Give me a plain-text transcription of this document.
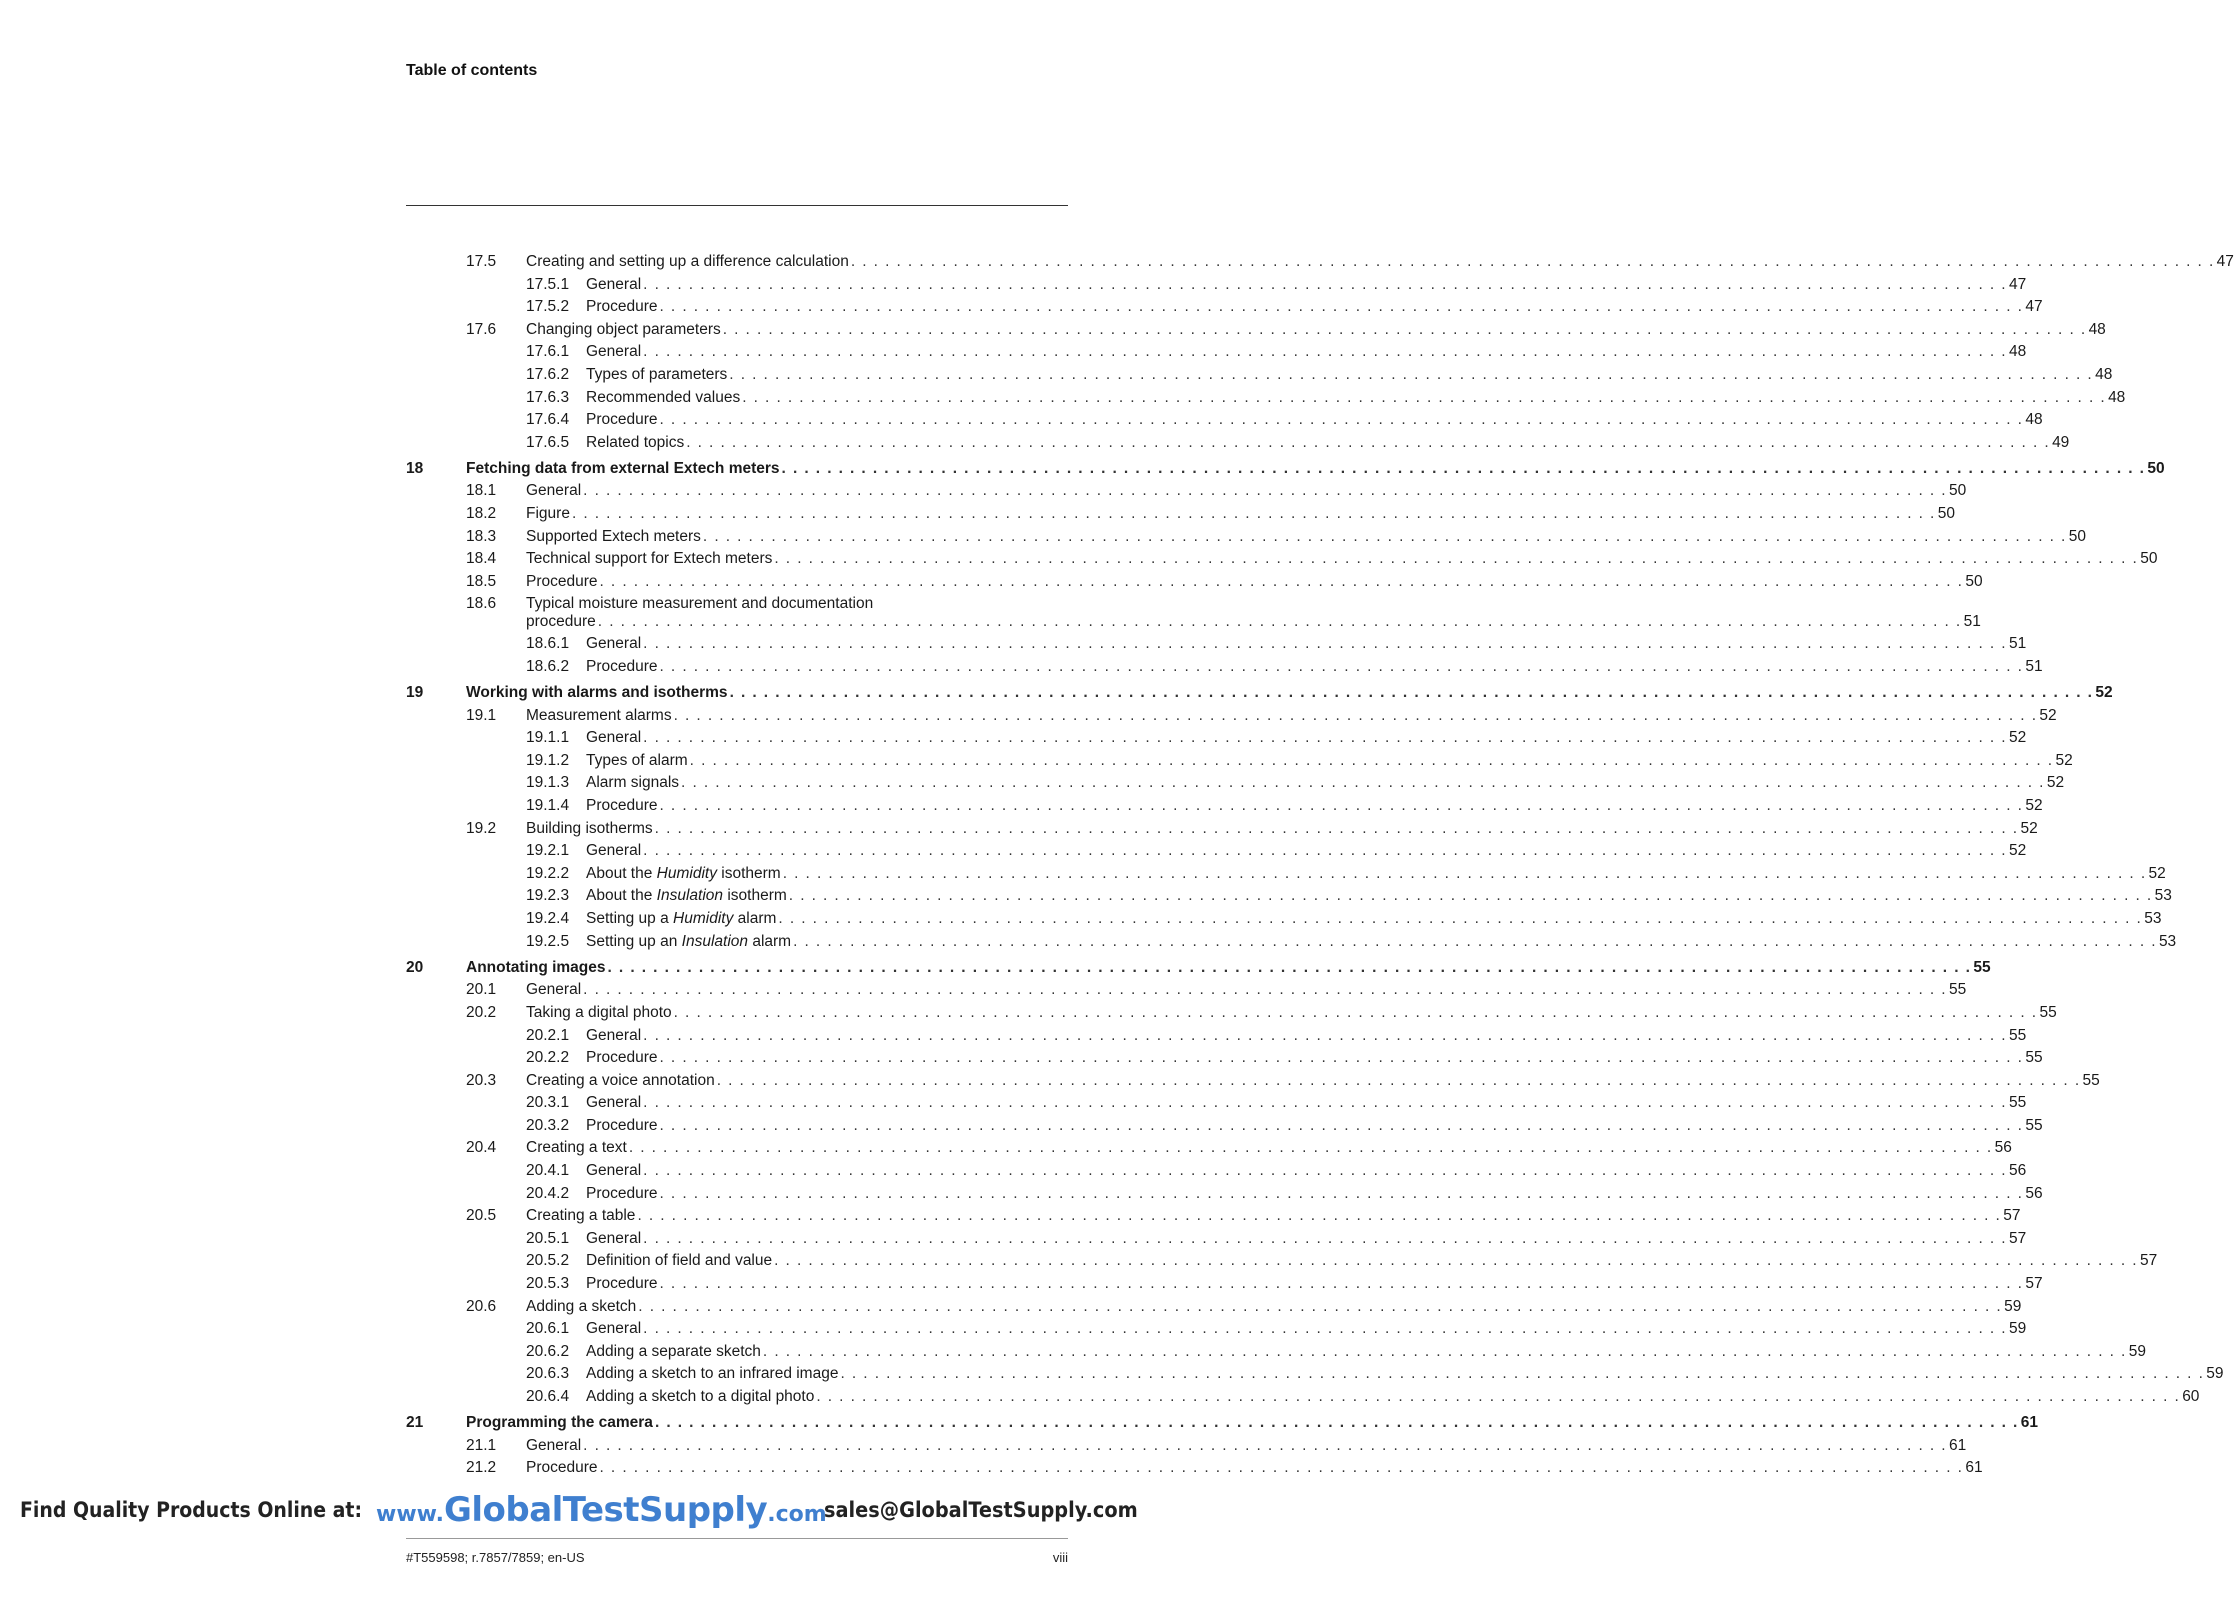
Table of contents
17.5 Creating and setting up a difference calculation . . . . . . . . . . . . . . . . . . . . . . . . . . . . . . . . . . . . . . . . . . . . . . . . . . . . . . . . . . . . . . . . . . . . . . . . . . . . . . . . . . . . . . . . . . . . . . . . . . . . . . . . . . . . . . . . . . . . . . . . 47
17.5.1 General . . . . . . . . . . . . . . . . . . . . . . . . . . . . . . . . . . . . . . . . . . . . . . . . . . . . . . . . . . . . . . . . . . . . . . . . . . . . . . . . . . . . . . . . . . . . . . . . . . . . . . . . . . . . . . . . . . . . . . . . 47
17.5.2 Procedure . . . . . . . . . . . . . . . . . . . . . . . . . . . . . . . . . . . . . . . . . . . . . . . . . . . . . . . . . . . . . . . . . . . . . . . . . . . . . . . . . . . . . . . . . . . . . . . . . . . . . . . . . . . . . . . . . . . . . . . . 47
17.6 Changing object parameters . . . . . . . . . . . . . . . . . . . . . . . . . . . . . . . . . . . . . . . . . . . . . . . . . . . . . . . . . . . . . . . . . . . . . . . . . . . . . . . . . . . . . . . . . . . . . . . . . . . . . . . . . . . . . . . . . . . . . . . . 48
17.6.1 General . . . . . . . . . . . . . . . . . . . . . . . . . . . . . . . . . . . . . . . . . . . . . . . . . . . . . . . . . . . . . . . . . . . . . . . . . . . . . . . . . . . . . . . . . . . . . . . . . . . . . . . . . . . . . . . . . . . . . . . . 48
17.6.2 Types of parameters . . . . . . . . . . . . . . . . . . . . . . . . . . . . . . . . . . . . . . . . . . . . . . . . . . . . . . . . . . . . . . . . . . . . . . . . . . . . . . . . . . . . . . . . . . . . . . . . . . . . . . . . . . . . . . . . . . . . . . . . 48
17.6.3 Recommended values . . . . . . . . . . . . . . . . . . . . . . . . . . . . . . . . . . . . . . . . . . . . . . . . . . . . . . . . . . . . . . . . . . . . . . . . . . . . . . . . . . . . . . . . . . . . . . . . . . . . . . . . . . . . . . . . . . . . . . . . 48
17.6.4 Procedure . . . . . . . . . . . . . . . . . . . . . . . . . . . . . . . . . . . . . . . . . . . . . . . . . . . . . . . . . . . . . . . . . . . . . . . . . . . . . . . . . . . . . . . . . . . . . . . . . . . . . . . . . . . . . . . . . . . . . . . . 48
17.6.5 Related topics . . . . . . . . . . . . . . . . . . . . . . . . . . . . . . . . . . . . . . . . . . . . . . . . . . . . . . . . . . . . . . . . . . . . . . . . . . . . . . . . . . . . . . . . . . . . . . . . . . . . . . . . . . . . . . . . . . . . . . . . 49
18	Fetching data from external Extech meters . . . . . . . . . . . . . . . . . . . . . . . . . . . . . . . . . . . . . . . . . . . . . . . . . . . . . . . . . . . . . . . . . . . . . . . . . . . . . . . . . . . . . . . . . . . . . . . . . . . . . . . . . . . . . . . . . . . . . . . . 50
18.1 General . . . . . . . . . . . . . . . . . . . . . . . . . . . . . . . . . . . . . . . . . . . . . . . . . . . . . . . . . . . . . . . . . . . . . . . . . . . . . . . . . . . . . . . . . . . . . . . . . . . . . . . . . . . . . . . . . . . . . . . . 50
18.2 Figure . . . . . . . . . . . . . . . . . . . . . . . . . . . . . . . . . . . . . . . . . . . . . . . . . . . . . . . . . . . . . . . . . . . . . . . . . . . . . . . . . . . . . . . . . . . . . . . . . . . . . . . . . . . . . . . . . . . . . . . . 50
18.3 Supported Extech meters . . . . . . . . . . . . . . . . . . . . . . . . . . . . . . . . . . . . . . . . . . . . . . . . . . . . . . . . . . . . . . . . . . . . . . . . . . . . . . . . . . . . . . . . . . . . . . . . . . . . . . . . . . . . . . . . . . . . . . . . 50
18.4 Technical support for Extech meters . . . . . . . . . . . . . . . . . . . . . . . . . . . . . . . . . . . . . . . . . . . . . . . . . . . . . . . . . . . . . . . . . . . . . . . . . . . . . . . . . . . . . . . . . . . . . . . . . . . . . . . . . . . . . . . . . . . . . . . . 50
18.5 Procedure . . . . . . . . . . . . . . . . . . . . . . . . . . . . . . . . . . . . . . . . . . . . . . . . . . . . . . . . . . . . . . . . . . . . . . . . . . . . . . . . . . . . . . . . . . . . . . . . . . . . . . . . . . . . . . . . . . . . . . . . 50
18.6 Typical moisture measurement and documentation
procedure . . . . . . . . . . . . . . . . . . . . . . . . . . . . . . . . . . . . . . . . . . . . . . . . . . . . . . . . . . . . . . . . . . . . . . . . . . . . . . . . . . . . . . . . . . . . . . . . . . . . . . . . . . . . . . . . . . . . . . . . 51
18.6.1 General . . . . . . . . . . . . . . . . . . . . . . . . . . . . . . . . . . . . . . . . . . . . . . . . . . . . . . . . . . . . . . . . . . . . . . . . . . . . . . . . . . . . . . . . . . . . . . . . . . . . . . . . . . . . . . . . . . . . . . . . 51
18.6.2 Procedure . . . . . . . . . . . . . . . . . . . . . . . . . . . . . . . . . . . . . . . . . . . . . . . . . . . . . . . . . . . . . . . . . . . . . . . . . . . . . . . . . . . . . . . . . . . . . . . . . . . . . . . . . . . . . . . . . . . . . . . . 51
19	Working with alarms and isotherms . . . . . . . . . . . . . . . . . . . . . . . . . . . . . . . . . . . . . . . . . . . . . . . . . . . . . . . . . . . . . . . . . . . . . . . . . . . . . . . . . . . . . . . . . . . . . . . . . . . . . . . . . . . . . . . . . . . . . . . . 52
19.1 Measurement alarms . . . . . . . . . . . . . . . . . . . . . . . . . . . . . . . . . . . . . . . . . . . . . . . . . . . . . . . . . . . . . . . . . . . . . . . . . . . . . . . . . . . . . . . . . . . . . . . . . . . . . . . . . . . . . . . . . . . . . . . . 52
19.1.1 General . . . . . . . . . . . . . . . . . . . . . . . . . . . . . . . . . . . . . . . . . . . . . . . . . . . . . . . . . . . . . . . . . . . . . . . . . . . . . . . . . . . . . . . . . . . . . . . . . . . . . . . . . . . . . . . . . . . . . . . . 52
19.1.2 Types of alarm . . . . . . . . . . . . . . . . . . . . . . . . . . . . . . . . . . . . . . . . . . . . . . . . . . . . . . . . . . . . . . . . . . . . . . . . . . . . . . . . . . . . . . . . . . . . . . . . . . . . . . . . . . . . . . . . . . . . . . . . 52
19.1.3 Alarm signals . . . . . . . . . . . . . . . . . . . . . . . . . . . . . . . . . . . . . . . . . . . . . . . . . . . . . . . . . . . . . . . . . . . . . . . . . . . . . . . . . . . . . . . . . . . . . . . . . . . . . . . . . . . . . . . . . . . . . . . . 52
19.1.4 Procedure . . . . . . . . . . . . . . . . . . . . . . . . . . . . . . . . . . . . . . . . . . . . . . . . . . . . . . . . . . . . . . . . . . . . . . . . . . . . . . . . . . . . . . . . . . . . . . . . . . . . . . . . . . . . . . . . . . . . . . . . 52
19.2 Building isotherms . . . . . . . . . . . . . . . . . . . . . . . . . . . . . . . . . . . . . . . . . . . . . . . . . . . . . . . . . . . . . . . . . . . . . . . . . . . . . . . . . . . . . . . . . . . . . . . . . . . . . . . . . . . . . . . . . . . . . . . . 52
19.2.1 General . . . . . . . . . . . . . . . . . . . . . . . . . . . . . . . . . . . . . . . . . . . . . . . . . . . . . . . . . . . . . . . . . . . . . . . . . . . . . . . . . . . . . . . . . . . . . . . . . . . . . . . . . . . . . . . . . . . . . . . . 52
19.2.2 About the Humidity isotherm . . . . . . . . . . . . . . . . . . . . . . . . . . . . . . . . . . . . . . . . . . . . . . . . . . . . . . . . . . . . . . . . . . . . . . . . . . . . . . . . . . . . . . . . . . . . . . . . . . . . . . . . . . . . . . . . . . . . . . . . 52
19.2.3 About the Insulation isotherm . . . . . . . . . . . . . . . . . . . . . . . . . . . . . . . . . . . . . . . . . . . . . . . . . . . . . . . . . . . . . . . . . . . . . . . . . . . . . . . . . . . . . . . . . . . . . . . . . . . . . . . . . . . . . . . . . . . . . . . . 53
19.2.4 Setting up a Humidity alarm . . . . . . . . . . . . . . . . . . . . . . . . . . . . . . . . . . . . . . . . . . . . . . . . . . . . . . . . . . . . . . . . . . . . . . . . . . . . . . . . . . . . . . . . . . . . . . . . . . . . . . . . . . . . . . . . . . . . . . . . 53
19.2.5 Setting up an Insulation alarm . . . . . . . . . . . . . . . . . . . . . . . . . . . . . . . . . . . . . . . . . . . . . . . . . . . . . . . . . . . . . . . . . . . . . . . . . . . . . . . . . . . . . . . . . . . . . . . . . . . . . . . . . . . . . . . . . . . . . . . . 53
20	Annotating images . . . . . . . . . . . . . . . . . . . . . . . . . . . . . . . . . . . . . . . . . . . . . . . . . . . . . . . . . . . . . . . . . . . . . . . . . . . . . . . . . . . . . . . . . . . . . . . . . . . . . . . . . . . . . . . . . . . . . . . . 55
20.1 General . . . . . . . . . . . . . . . . . . . . . . . . . . . . . . . . . . . . . . . . . . . . . . . . . . . . . . . . . . . . . . . . . . . . . . . . . . . . . . . . . . . . . . . . . . . . . . . . . . . . . . . . . . . . . . . . . . . . . . . . 55
20.2 Taking a digital photo . . . . . . . . . . . . . . . . . . . . . . . . . . . . . . . . . . . . . . . . . . . . . . . . . . . . . . . . . . . . . . . . . . . . . . . . . . . . . . . . . . . . . . . . . . . . . . . . . . . . . . . . . . . . . . . . . . . . . . . . 55
20.2.1 General . . . . . . . . . . . . . . . . . . . . . . . . . . . . . . . . . . . . . . . . . . . . . . . . . . . . . . . . . . . . . . . . . . . . . . . . . . . . . . . . . . . . . . . . . . . . . . . . . . . . . . . . . . . . . . . . . . . . . . . . 55
20.2.2 Procedure . . . . . . . . . . . . . . . . . . . . . . . . . . . . . . . . . . . . . . . . . . . . . . . . . . . . . . . . . . . . . . . . . . . . . . . . . . . . . . . . . . . . . . . . . . . . . . . . . . . . . . . . . . . . . . . . . . . . . . . . 55
20.3 Creating a voice annotation . . . . . . . . . . . . . . . . . . . . . . . . . . . . . . . . . . . . . . . . . . . . . . . . . . . . . . . . . . . . . . . . . . . . . . . . . . . . . . . . . . . . . . . . . . . . . . . . . . . . . . . . . . . . . . . . . . . . . . . . 55
20.3.1 General . . . . . . . . . . . . . . . . . . . . . . . . . . . . . . . . . . . . . . . . . . . . . . . . . . . . . . . . . . . . . . . . . . . . . . . . . . . . . . . . . . . . . . . . . . . . . . . . . . . . . . . . . . . . . . . . . . . . . . . . 55
20.3.2 Procedure . . . . . . . . . . . . . . . . . . . . . . . . . . . . . . . . . . . . . . . . . . . . . . . . . . . . . . . . . . . . . . . . . . . . . . . . . . . . . . . . . . . . . . . . . . . . . . . . . . . . . . . . . . . . . . . . . . . . . . . . 55
20.4 Creating a text . . . . . . . . . . . . . . . . . . . . . . . . . . . . . . . . . . . . . . . . . . . . . . . . . . . . . . . . . . . . . . . . . . . . . . . . . . . . . . . . . . . . . . . . . . . . . . . . . . . . . . . . . . . . . . . . . . . . . . . . 56
20.4.1 General . . . . . . . . . . . . . . . . . . . . . . . . . . . . . . . . . . . . . . . . . . . . . . . . . . . . . . . . . . . . . . . . . . . . . . . . . . . . . . . . . . . . . . . . . . . . . . . . . . . . . . . . . . . . . . . . . . . . . . . . 56
20.4.2 Procedure . . . . . . . . . . . . . . . . . . . . . . . . . . . . . . . . . . . . . . . . . . . . . . . . . . . . . . . . . . . . . . . . . . . . . . . . . . . . . . . . . . . . . . . . . . . . . . . . . . . . . . . . . . . . . . . . . . . . . . . . 56
20.5 Creating a table . . . . . . . . . . . . . . . . . . . . . . . . . . . . . . . . . . . . . . . . . . . . . . . . . . . . . . . . . . . . . . . . . . . . . . . . . . . . . . . . . . . . . . . . . . . . . . . . . . . . . . . . . . . . . . . . . . . . . . . . 57
20.5.1 General . . . . . . . . . . . . . . . . . . . . . . . . . . . . . . . . . . . . . . . . . . . . . . . . . . . . . . . . . . . . . . . . . . . . . . . . . . . . . . . . . . . . . . . . . . . . . . . . . . . . . . . . . . . . . . . . . . . . . . . . 57
20.5.2 Definition of field and value . . . . . . . . . . . . . . . . . . . . . . . . . . . . . . . . . . . . . . . . . . . . . . . . . . . . . . . . . . . . . . . . . . . . . . . . . . . . . . . . . . . . . . . . . . . . . . . . . . . . . . . . . . . . . . . . . . . . . . . . 57
20.5.3 Procedure . . . . . . . . . . . . . . . . . . . . . . . . . . . . . . . . . . . . . . . . . . . . . . . . . . . . . . . . . . . . . . . . . . . . . . . . . . . . . . . . . . . . . . . . . . . . . . . . . . . . . . . . . . . . . . . . . . . . . . . . 57
20.6 Adding a sketch . . . . . . . . . . . . . . . . . . . . . . . . . . . . . . . . . . . . . . . . . . . . . . . . . . . . . . . . . . . . . . . . . . . . . . . . . . . . . . . . . . . . . . . . . . . . . . . . . . . . . . . . . . . . . . . . . . . . . . . . 59
20.6.1 General . . . . . . . . . . . . . . . . . . . . . . . . . . . . . . . . . . . . . . . . . . . . . . . . . . . . . . . . . . . . . . . . . . . . . . . . . . . . . . . . . . . . . . . . . . . . . . . . . . . . . . . . . . . . . . . . . . . . . . . . 59
20.6.2 Adding a separate sketch . . . . . . . . . . . . . . . . . . . . . . . . . . . . . . . . . . . . . . . . . . . . . . . . . . . . . . . . . . . . . . . . . . . . . . . . . . . . . . . . . . . . . . . . . . . . . . . . . . . . . . . . . . . . . . . . . . . . . . . . 59
20.6.3 Adding a sketch to an infrared image . . . . . . . . . . . . . . . . . . . . . . . . . . . . . . . . . . . . . . . . . . . . . . . . . . . . . . . . . . . . . . . . . . . . . . . . . . . . . . . . . . . . . . . . . . . . . . . . . . . . . . . . . . . . . . . . . . . . . . . . 59
20.6.4 Adding a sketch to a digital photo . . . . . . . . . . . . . . . . . . . . . . . . . . . . . . . . . . . . . . . . . . . . . . . . . . . . . . . . . . . . . . . . . . . . . . . . . . . . . . . . . . . . . . . . . . . . . . . . . . . . . . . . . . . . . . . . . . . . . . . . 60
21	Programming the camera . . . . . . . . . . . . . . . . . . . . . . . . . . . . . . . . . . . . . . . . . . . . . . . . . . . . . . . . . . . . . . . . . . . . . . . . . . . . . . . . . . . . . . . . . . . . . . . . . . . . . . . . . . . . . . . . . . . . . . . . 61
21.1 General . . . . . . . . . . . . . . . . . . . . . . . . . . . . . . . . . . . . . . . . . . . . . . . . . . . . . . . . . . . . . . . . . . . . . . . . . . . . . . . . . . . . . . . . . . . . . . . . . . . . . . . . . . . . . . . . . . . . . . . . 61
21.2 Procedure . . . . . . . . . . . . . . . . . . . . . . . . . . . . . . . . . . . . . . . . . . . . . . . . . . . . . . . . . . . . . . . . . . . . . . . . . . . . . . . . . . . . . . . . . . . . . . . . . . . . . . . . . . . . . . . . . . . . . . . . 61
Find Quality Products Online at: www.GlobalTestSupply.com
sales@GlobalTestSupply.com
#T559598; r.7857/7859; en-US	viii
